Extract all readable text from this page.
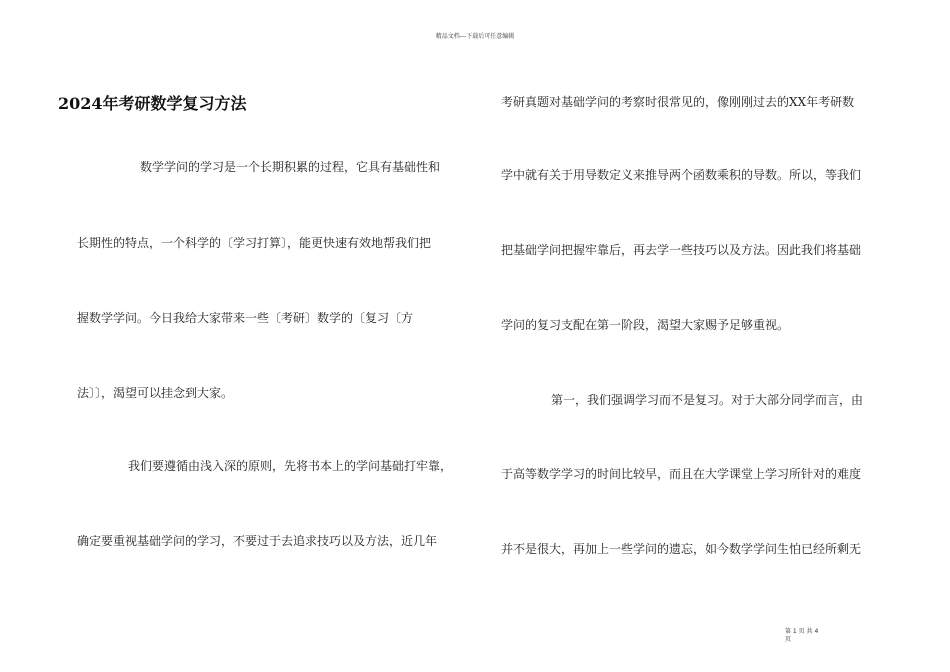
精品文档---下载后可任意编辑
2024年考研数学复习方法
数学学问的学习是一个长期积累的过程，它具有基础性和
长期性的特点，一个科学的〔学习打算〕，能更快速有效地帮我们把
握数学学问。今日我给大家带来一些〔考研〕数学的〔复习〔方
法〕〕，渴望可以挂念到大家。
我们要遵循由浅入深的原则，先将书本上的学问基础打牢靠，
确定要重视基础学问的学习，不要过于去追求技巧以及方法，近几年
考研真题对基础学问的考察时很常见的，像刚刚过去的XX年考研数
学中就有关于用导数定义来推导两个函数乘积的导数。所以，等我们
把基础学问把握牢靠后，再去学一些技巧以及方法。因此我们将基础
学问的复习支配在第一阶段，渴望大家赐予足够重视。
第一，我们强调学习而不是复习。对于大部分同学而言，由
于高等数学学习的时间比较早，而且在大学课堂上学习所针对的难度
并不是很大，再加上一些学问的遗忘，如今数学学问生怕已经所剩无
第 1 页 共 4 页
